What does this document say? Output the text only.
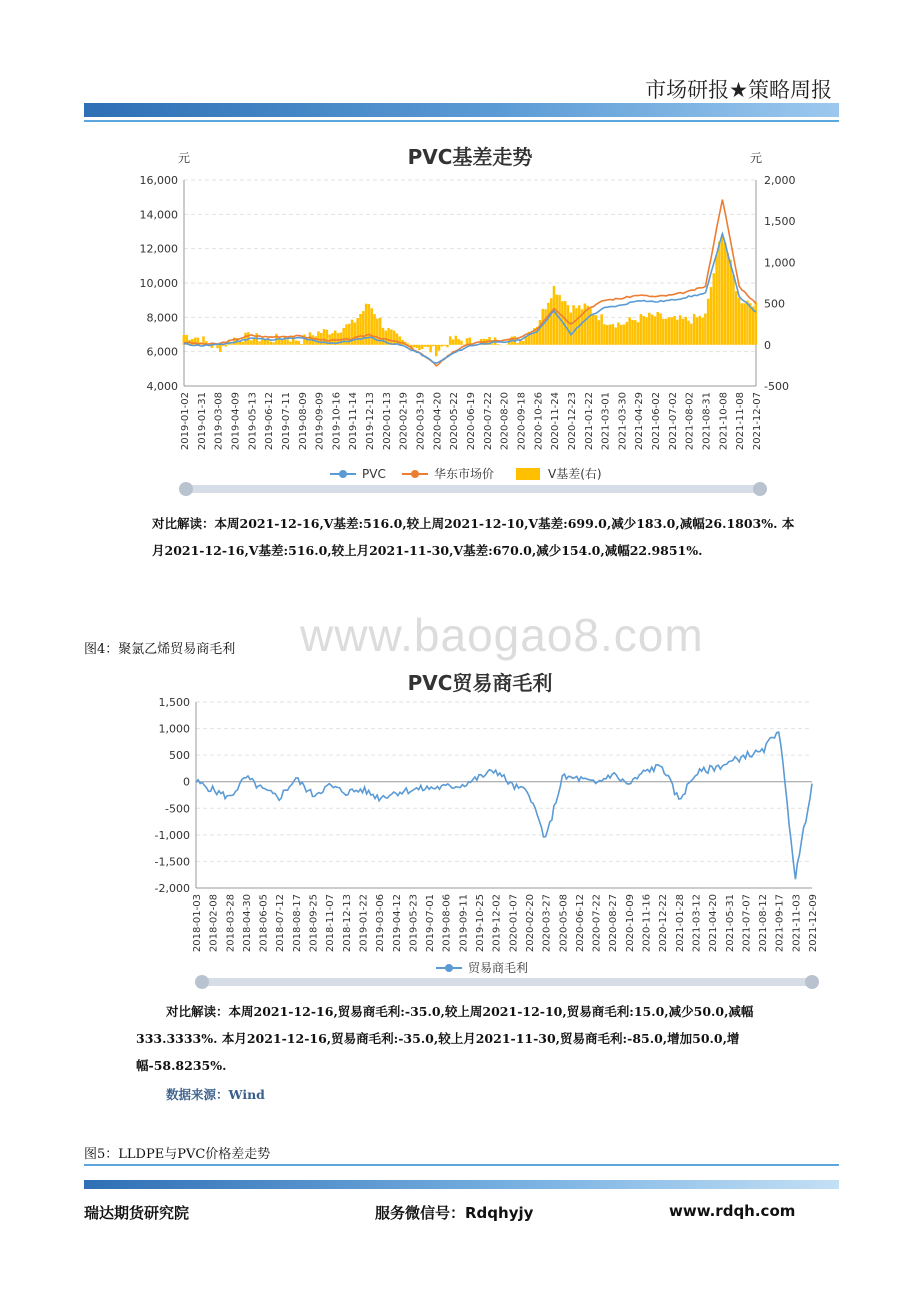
市场研报★策略周报
PVC基差走势
元	元
16,000
14,000
12,000
10,000
8,000
6,000
4,000
2,000
1,500
1,000
500
0
-500
2019-01-02 2019-01-31 2019-03-08 2019-04-09 2019-05-13 2019-06-12 2019-07-11 2019-08-09 2019-09-09 2019-10-16 2019-11-14 2019-12-13 2020-01-13 2020-02-19 2020-03-19 2020-04-20 2020-05-22 2020-06-19 2020-07-22 2020-08-20 2020-09-18 2020-10-26 2020-11-24 2020-12-23 2021-01-22 2021-03-01 2021-03-30 2021-04-29 2021-06-02 2021-07-02 2021-08-02 2021-08-31 2021-10-08 2021-11-08 2021-12-07
PVC	华东市场价	V基差(右)
对比解读：本周2021-12-16,V基差:516.0,较上周2021-12-10,V基差:699.0,减少183.0,减幅26.1803%. 本
月2021-12-16,V基差:516.0,较上月2021-11-30,V基差:670.0,减少154.0,减幅22.9851%.
www.baogao8.com
图4：聚氯乙烯贸易商毛利
PVC贸易商毛利
1,500
1,000
500
0
-500
-1,000
-1,500
-2,000
2018-01-03 2018-02-08 2018-03-28 2018-04-30 2018-06-05 2018-07-12 2018-08-17 2018-09-25 2018-11-07 2018-12-13 2019-01-22 2019-03-06 2019-04-12 2019-05-23 2019-07-01 2019-08-06 2019-09-11 2019-10-25 2019-12-02 2020-01-07 2020-02-20 2020-03-27 2020-05-08 2020-06-12 2020-07-22 2020-08-27 2020-10-09 2020-11-16 2020-12-22 2021-01-28 2021-03-12 2021-04-20 2021-05-31 2021-07-07 2021-08-12 2021-09-17 2021-11-03 2021-12-09
贸易商毛利
对比解读：本周2021-12-16,贸易商毛利:-35.0,较上周2021-12-10,贸易商毛利:15.0,减少50.0,减幅
333.3333%. 本月2021-12-16,贸易商毛利:-35.0,较上月2021-11-30,贸易商毛利:-85.0,增加50.0,增
幅-58.8235%.
数据来源：Wind
图5：LLDPE与PVC价格差走势
瑞达期货研究院	服务微信号：Rdqhyjy	www.rdqh.com
